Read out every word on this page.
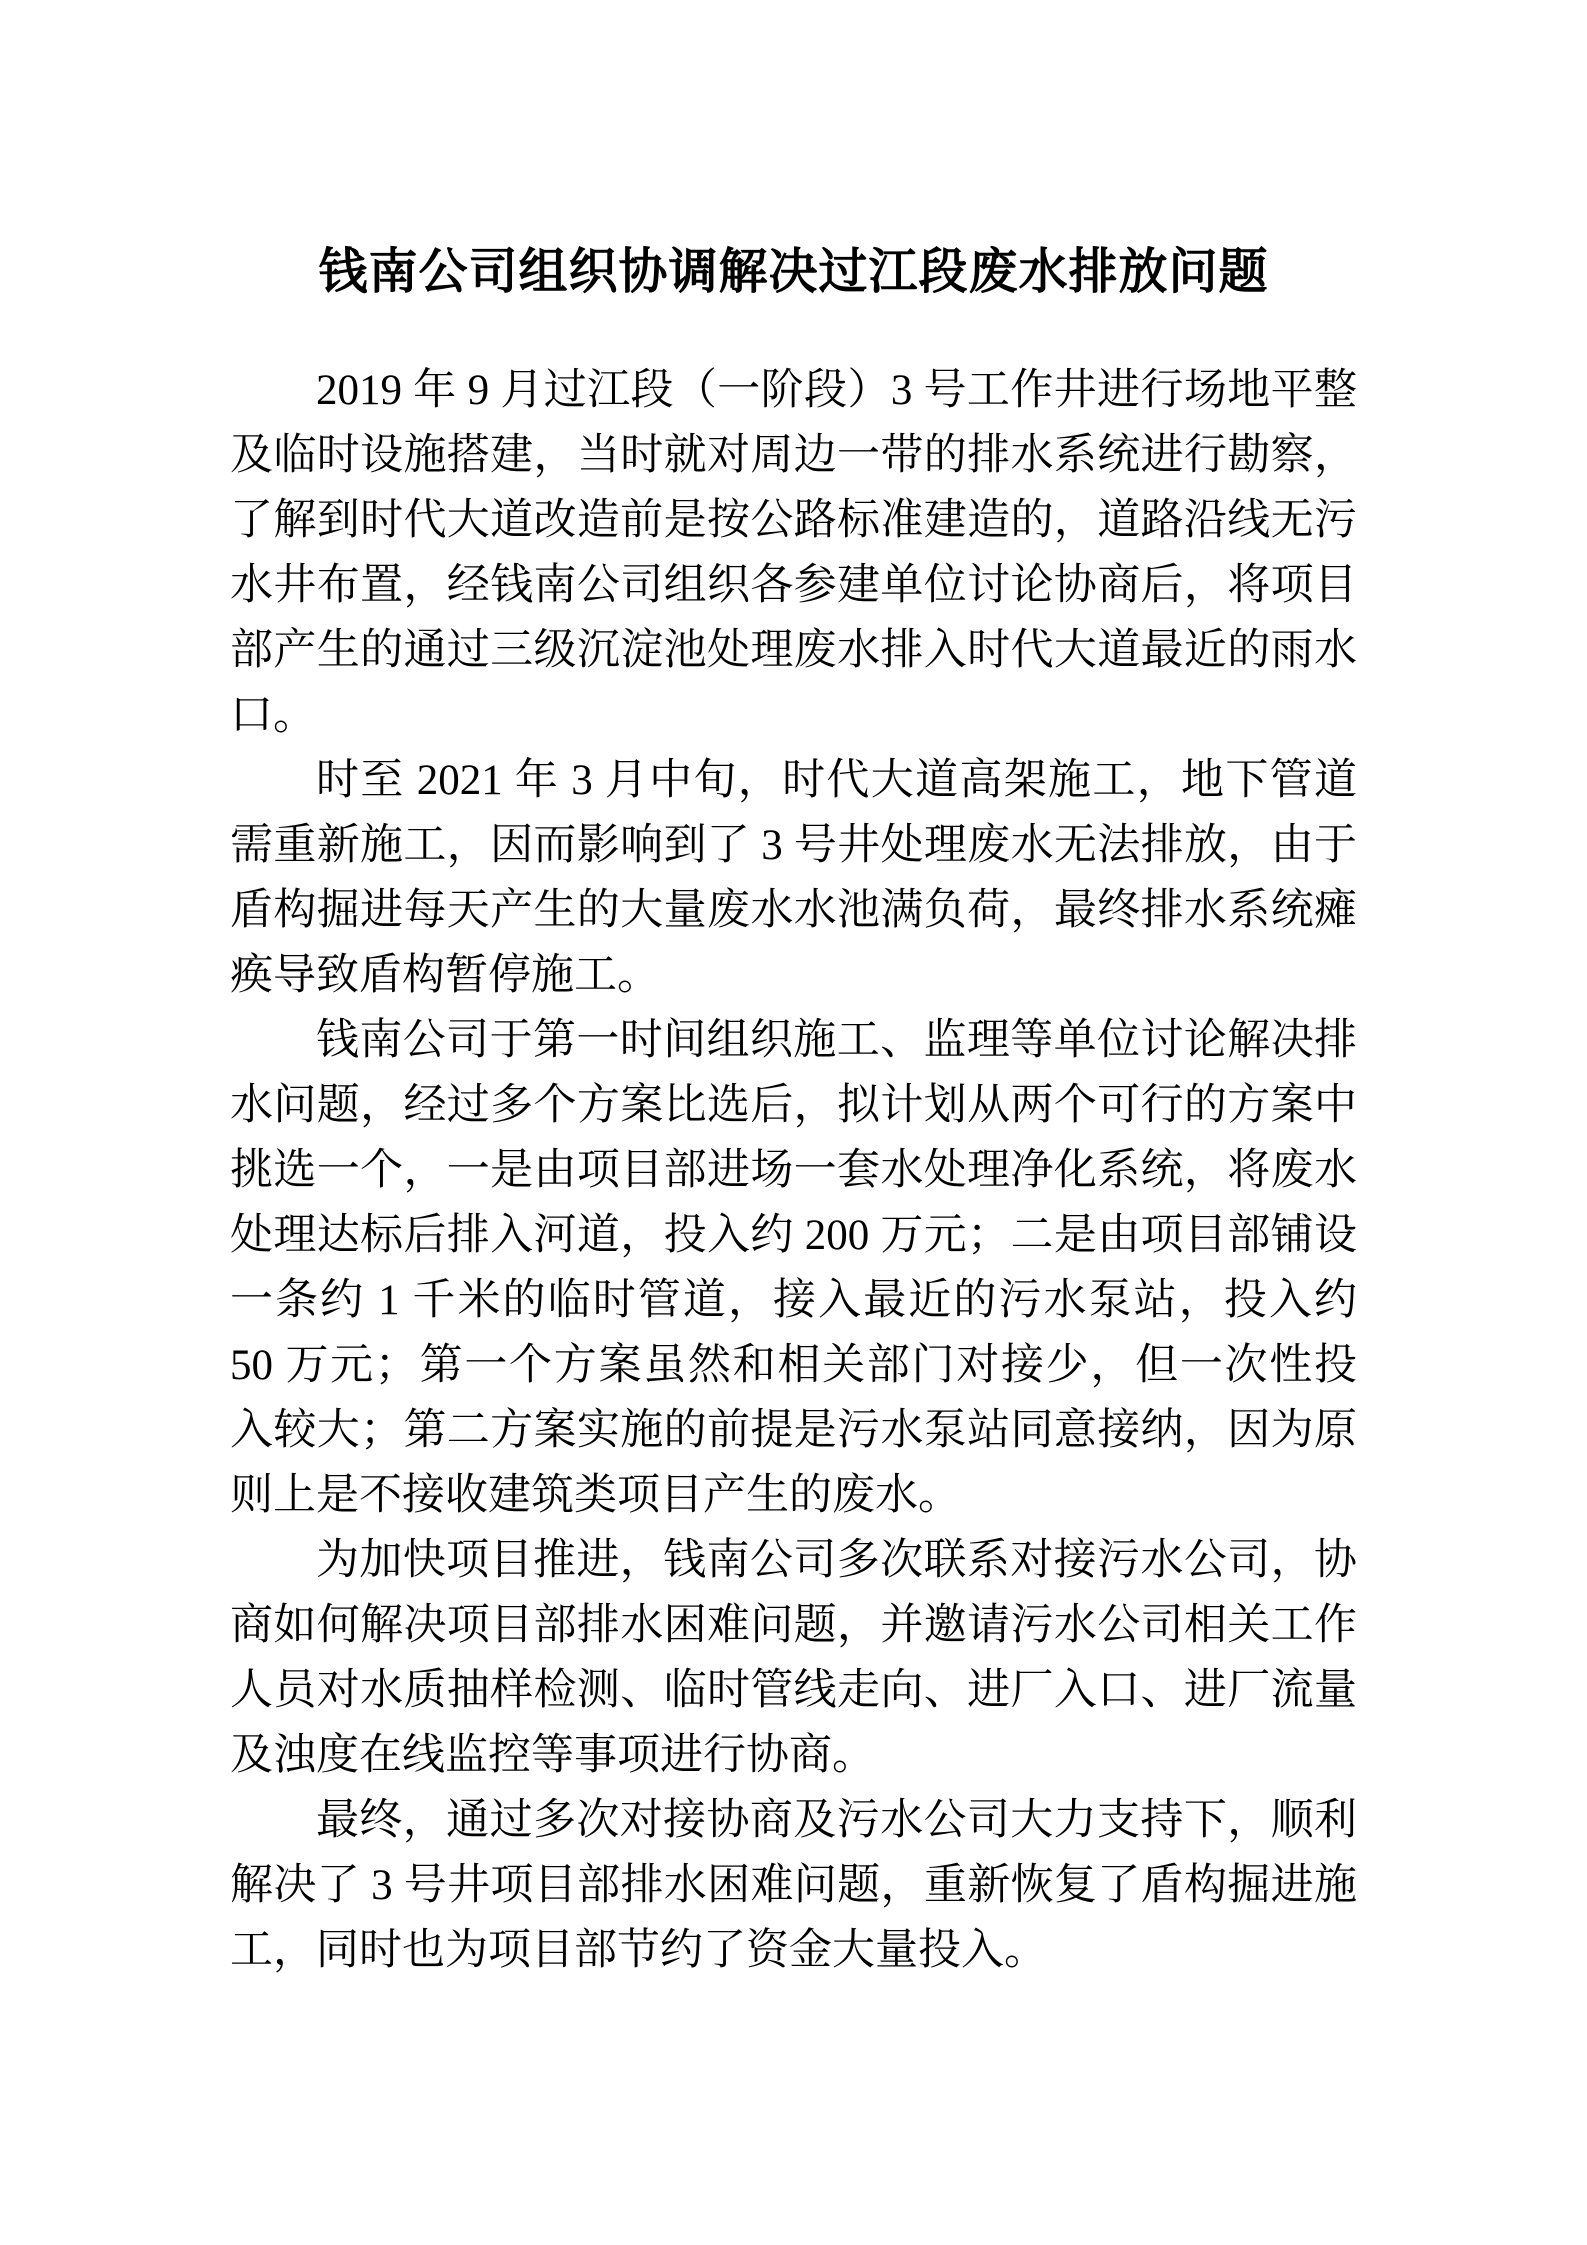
钱南公司组织协调解决过江段废水排放问题

2019 年 9 月过江段（一阶段）3 号工作井进行场地平整及临时设施搭建，当时就对周边一带的排水系统进行勘察，了解到时代大道改造前是按公路标准建造的，道路沿线无污水井布置，经钱南公司组织各参建单位讨论协商后，将项目部产生的通过三级沉淀池处理废水排入时代大道最近的雨水口。

时至 2021 年 3 月中旬，时代大道高架施工，地下管道需重新施工，因而影响到了 3 号井处理废水无法排放，由于盾构掘进每天产生的大量废水水池满负荷，最终排水系统瘫痪导致盾构暂停施工。

钱南公司于第一时间组织施工、监理等单位讨论解决排水问题，经过多个方案比选后，拟计划从两个可行的方案中挑选一个，一是由项目部进场一套水处理净化系统，将废水处理达标后排入河道，投入约 200 万元；二是由项目部铺设一条约 1 千米的临时管道，接入最近的污水泵站，投入约 50 万元；第一个方案虽然和相关部门对接少，但一次性投入较大；第二方案实施的前提是污水泵站同意接纳，因为原则上是不接收建筑类项目产生的废水。

为加快项目推进，钱南公司多次联系对接污水公司，协商如何解决项目部排水困难问题，并邀请污水公司相关工作人员对水质抽样检测、临时管线走向、进厂入口、进厂流量及浊度在线监控等事项进行协商。

最终，通过多次对接协商及污水公司大力支持下，顺利解决了 3 号井项目部排水困难问题，重新恢复了盾构掘进施工，同时也为项目部节约了资金大量投入。
